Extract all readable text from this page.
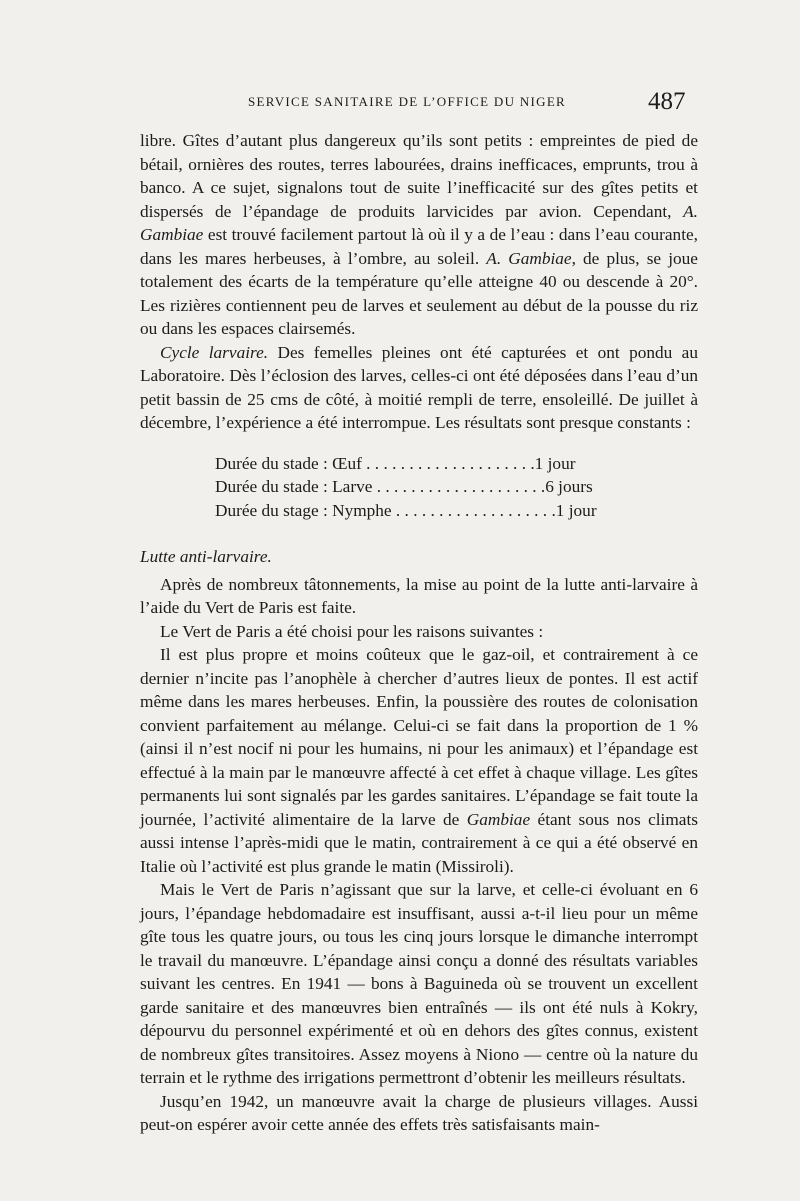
SERVICE SANITAIRE DE L’OFFICE DU NIGER	487

libre. Gîtes d’autant plus dangereux qu’ils sont petits : empreintes de pied de bétail, ornières des routes, terres labourées, drains inefficaces, emprunts, trou à banco. A ce sujet, signalons tout de suite l’inefficacité sur des gîtes petits et dispersés de l’épandage de produits larvicides par avion. Cependant, A. Gambiae est trouvé facilement partout là où il y a de l’eau : dans l’eau courante, dans les mares herbeuses, à l’ombre, au soleil. A. Gambiae, de plus, se joue totalement des écarts de la température qu’elle atteigne 40 ou descende à 20°. Les rizières contiennent peu de larves et seulement au début de la pousse du riz ou dans les espaces clairsemés.

Cycle larvaire. Des femelles pleines ont été capturées et ont pondu au Laboratoire. Dès l’éclosion des larves, celles-ci ont été déposées dans l’eau d’un petit bassin de 25 cms de côté, à moitié rempli de terre, ensoleillé. De juillet à décembre, l’expérience a été interrompue. Les résultats sont presque constants :

Durée du stade : Œuf . . . . . . . . . . . . . . . . . . . . 1 jour
Durée du stade : Larve . . . . . . . . . . . . . . . . . . . . 6 jours
Durée du stage : Nymphe . . . . . . . . . . . . . . . . . . . 1 jour
Lutte anti-larvaire.

Après de nombreux tâtonnements, la mise au point de la lutte anti-larvaire à l’aide du Vert de Paris est faite.

Le Vert de Paris a été choisi pour les raisons suivantes :

Il est plus propre et moins coûteux que le gaz-oil, et contrairement à ce dernier n’incite pas l’anophèle à chercher d’autres lieux de pontes. Il est actif même dans les mares herbeuses. Enfin, la poussière des routes de colonisation convient parfaitement au mélange. Celui-ci se fait dans la proportion de 1 % (ainsi il n’est nocif ni pour les humains, ni pour les animaux) et l’épandage est effectué à la main par le manœuvre affecté à cet effet à chaque village. Les gîtes permanents lui sont signalés par les gardes sanitaires. L’épandage se fait toute la journée, l’activité alimentaire de la larve de Gambiae étant sous nos climats aussi intense l’après-midi que le matin, contrairement à ce qui a été observé en Italie où l’activité est plus grande le matin (Missiroli).

Mais le Vert de Paris n’agissant que sur la larve, et celle-ci évoluant en 6 jours, l’épandage hebdomadaire est insuffisant, aussi a-t-il lieu pour un même gîte tous les quatre jours, ou tous les cinq jours lorsque le dimanche interrompt le travail du manœuvre. L’épandage ainsi conçu a donné des résultats variables suivant les centres. En 1941 — bons à Baguineda où se trouvent un excellent garde sanitaire et des manœuvres bien entraînés — ils ont été nuls à Kokry, dépourvu du personnel expérimenté et où en dehors des gîtes connus, existent de nombreux gîtes transitoires. Assez moyens à Niono — centre où la nature du terrain et le rythme des irrigations permettront d’obtenir les meilleurs résultats.

Jusqu’en 1942, un manœuvre avait la charge de plusieurs villages. Aussi peut-on espérer avoir cette année des effets très satisfaisants main-
